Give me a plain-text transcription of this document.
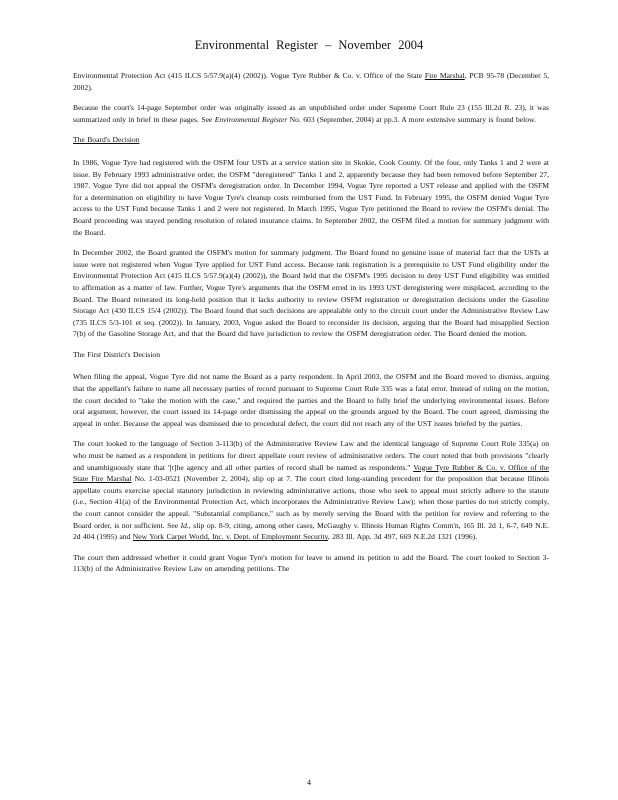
Environmental Register – November 2004

Environmental Protection Act (415 ILCS 5/57.9(a)(4) (2002)). Vogue Tyre Rubber & Co. v. Office of the State Fire Marshal, PCB 95-78 (December 5, 2002).

Because the court's 14-page September order was originally issued as an unpublished order under Supreme Court Rule 23 (155 Ill.2d R. 23), it was summarized only in brief in these pages. See Environmental Register No. 603 (September, 2004) at pp.3. A more extensive summary is found below.

The Board's Decision

In 1986, Vogue Tyre had registered with the OSFM four USTs at a service station site in Skokie, Cook County. Of the four, only Tanks 1 and 2 were at issue. By February 1993 administrative order, the OSFM "deregistered" Tanks 1 and 2, apparently because they had been removed before September 27, 1987. Vogue Tyre did not appeal the OSFM's deregistration order. In December 1994, Vogue Tyre reported a UST release and applied with the OSFM for a determination on eligibility to have Vogue Tyre's cleanup costs reimbursed from the UST Fund. In February 1995, the OSFM denied Vogue Tyre access to the UST Fund because Tanks 1 and 2 were not registered. In March 1995, Vogue Tyre petitioned the Board to review the OSFM's denial. The Board proceeding was stayed pending resolution of related insurance claims. In September 2002, the OSFM filed a motion for summary judgment with the Board.

In December 2002, the Board granted the OSFM's motion for summary judgment. The Board found no genuine issue of material fact that the USTs at issue were not registered when Vogue Tyre applied for UST Fund access. Because tank registration is a prerequisite to UST Fund eligibility under the Environmental Protection Act (415 ILCS 5/57.9(a)(4) (2002)), the Board held that the OSFM's 1995 decision to deny UST Fund eligibility was entitled to affirmation as a matter of law. Further, Vogue Tyre's arguments that the OSFM erred in its 1993 UST deregistering were misplaced, according to the Board. The Board reiterated its long-held position that it lacks authority to review OSFM registration or deregistration decisions under the Gasoline Storage Act (430 ILCS 15/4 (2002)). The Board found that such decisions are appealable only to the circuit court under the Administrative Review Law (735 ILCS 5/3-101 et seq. (2002)). In January, 2003, Vogue asked the Board to reconsider its decision, arguing that the Board had misapplied Section 7(b) of the Gasoline Storage Act, and that the Board did have jurisdiction to review the OSFM deregistration order. The Board denied the motion.

The First District's Decision

When filing the appeal, Vogue Tyre did not name the Board as a party respondent. In April 2003, the OSFM and the Board moved to dismiss, arguing that the appellant's failure to name all necessary parties of record pursuant to Supreme Court Rule 335 was a fatal error. Instead of ruling on the motion, the court decided to "take the motion with the case," and required the parties and the Board to fully brief the underlying environmental issues. Before oral argument, however, the court issued its 14-page order dismissing the appeal on the grounds argued by the Board. The court agreed, dismissing the appeal in order. Because the appeal was dismissed due to procedural defect, the court did not reach any of the UST issues briefed by the parties.

The court looked to the language of Section 3-113(b) of the Administrative Review Law and the identical language of Supreme Court Rule 335(a) on who must be named as a respondent in petitions for direct appellate court review of administrative orders. The court noted that both provisions "clearly and unambiguously state that '[t]he agency and all other parties of record shall be named as respondents." Vogue Tyre Rubber & Co. v. Office of the State Fire Marshal No. 1-03-0521 (November 2, 2004), slip op at 7. The court cited long-standing precedent for the proposition that because Illinois appellate courts exercise special statutory jurisdiction in reviewing administrative actions, those who seek to appeal must strictly adhere to the statute (i.e., Section 41(a) of the Environmental Protection Act, which incorporates the Administrative Review Law); when those parties do not strictly comply, the court cannot consider the appeal. "Substantial compliance," such as by merely serving the Board with the petition for review and referring to the Board order, is not sufficient. See Id., slip op. 8-9, citing, among other cases, McGaughy v. Illinois Human Rights Comm'n, 165 Ill. 2d 1, 6-7, 649 N.E. 2d 404 (1995) and New York Carpet World, Inc. v. Dept. of Employment Security, 283 Ill. App. 3d 497, 669 N.E.2d 1321 (1996).

The court then addressed whether it could grant Vogue Tyre's motion for leave to amend its petition to add the Board. The court looked to Section 3-113(b) of the Administrative Review Law on amending petitions. The

4
